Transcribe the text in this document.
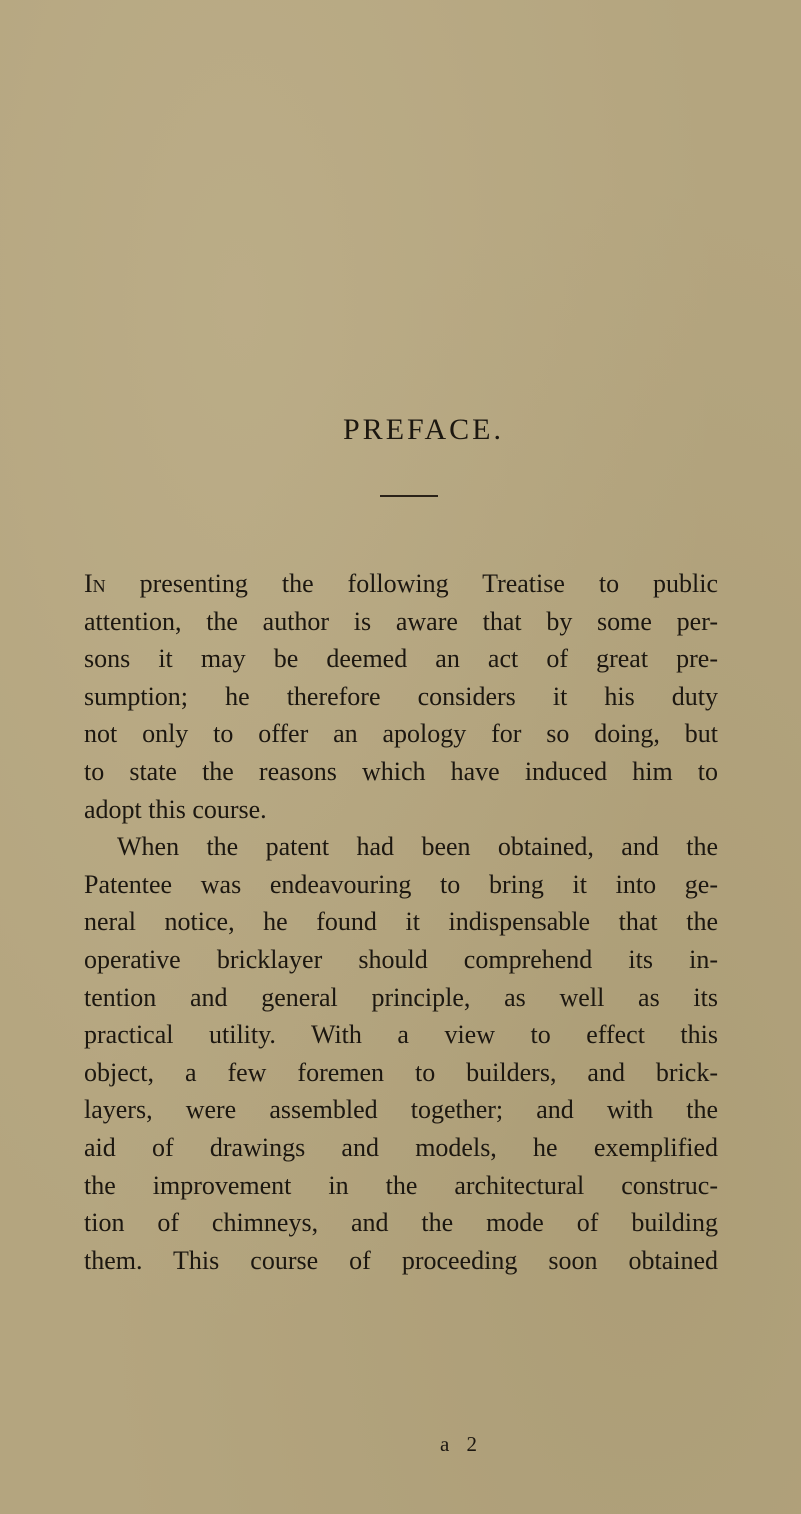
PREFACE.
In presenting the following Treatise to public
attention, the author is aware that by some per-
sons it may be deemed an act of great pre-
sumption; he therefore considers it his duty
not only to offer an apology for so doing, but
to state the reasons which have induced him to
adopt this course.
When the patent had been obtained, and the
Patentee was endeavouring to bring it into ge-
neral notice, he found it indispensable that the
operative bricklayer should comprehend its in-
tention and general principle, as well as its
practical utility. With a view to effect this
object, a few foremen to builders, and brick-
layers, were assembled together; and with the
aid of drawings and models, he exemplified
the improvement in the architectural construc-
tion of chimneys, and the mode of building
them. This course of proceeding soon obtained
a 2
